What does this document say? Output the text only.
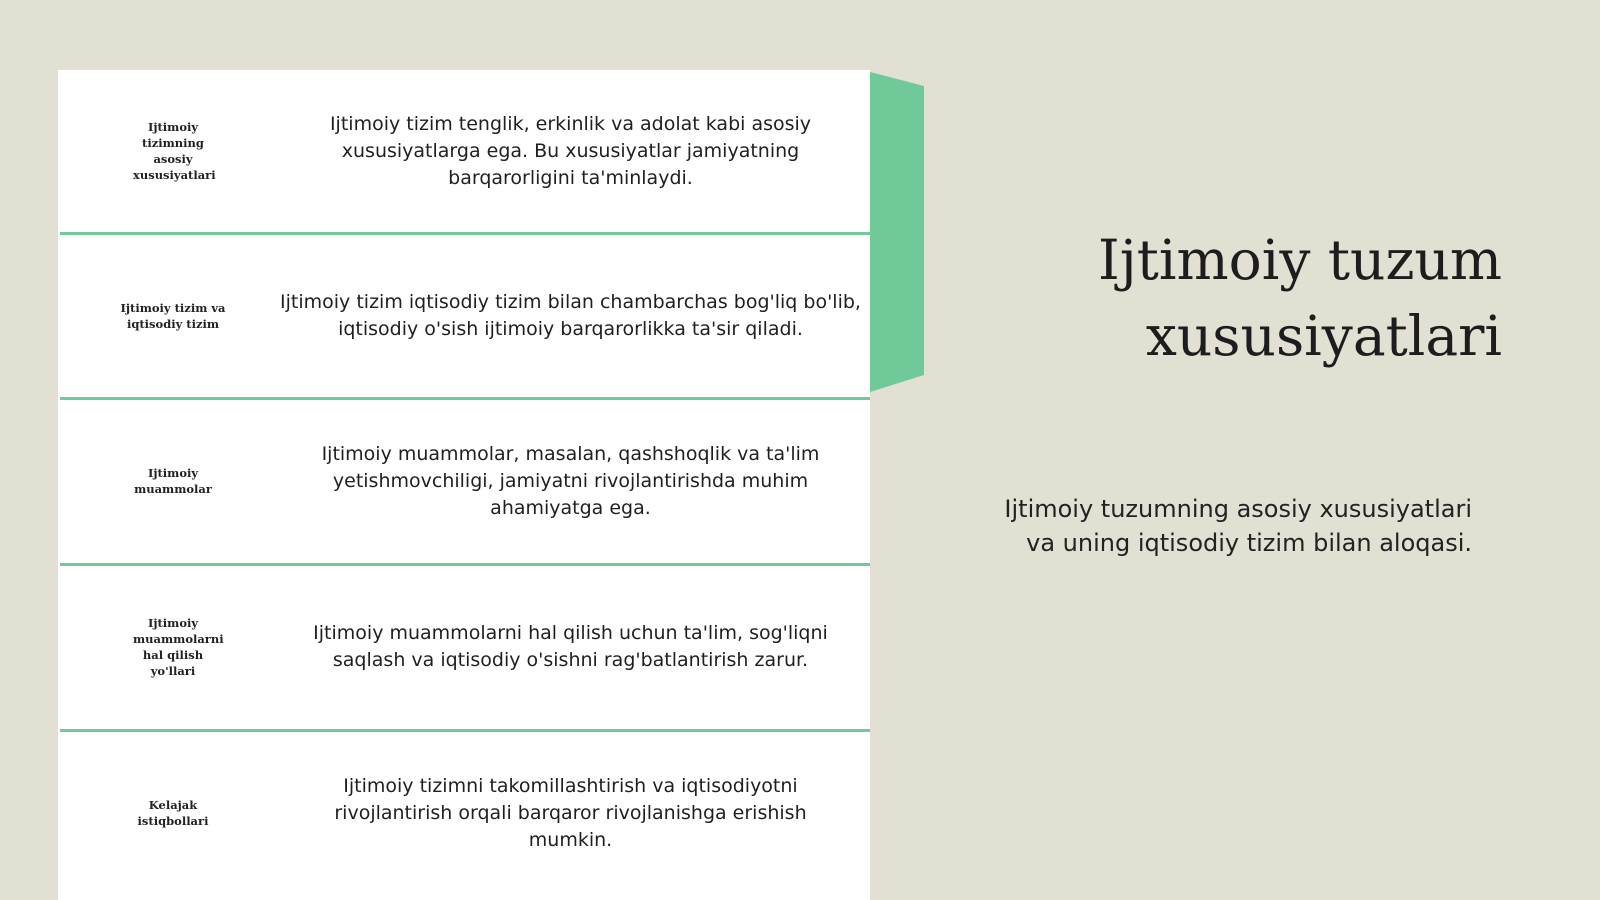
Ijtimoiy tizimning asosiy xususiyatlari
Ijtimoiy tizim tenglik, erkinlik va adolat kabi asosiy xususiyatlarga ega. Bu xususiyatlar jamiyatning barqarorligini ta'minlaydi.
Ijtimoiy tizim va iqtisodiy tizim
Ijtimoiy tizim iqtisodiy tizim bilan chambarchas bog'liq bo'lib, iqtisodiy o'sish ijtimoiy barqarorlikka ta'sir qiladi.
Ijtimoiy muammolar
Ijtimoiy muammolar, masalan, qashshoqlik va ta'lim yetishmovchiligi, jamiyatni rivojlantirishda muhim ahamiyatga ega.
Ijtimoiy muammolarni hal qilish yo'llari
Ijtimoiy muammolarni hal qilish uchun ta'lim, sog'liqni saqlash va iqtisodiy o'sishni rag'batlantirish zarur.
Kelajak istiqbollari
Ijtimoiy tizimni takomillashtirish va iqtisodiyotni rivojlantirish orqali barqaror rivojlanishga erishish mumkin.
Ijtimoiy tuzum xususiyatlari
Ijtimoiy tuzumning asosiy xususiyatlari va uning iqtisodiy tizim bilan aloqasi.
